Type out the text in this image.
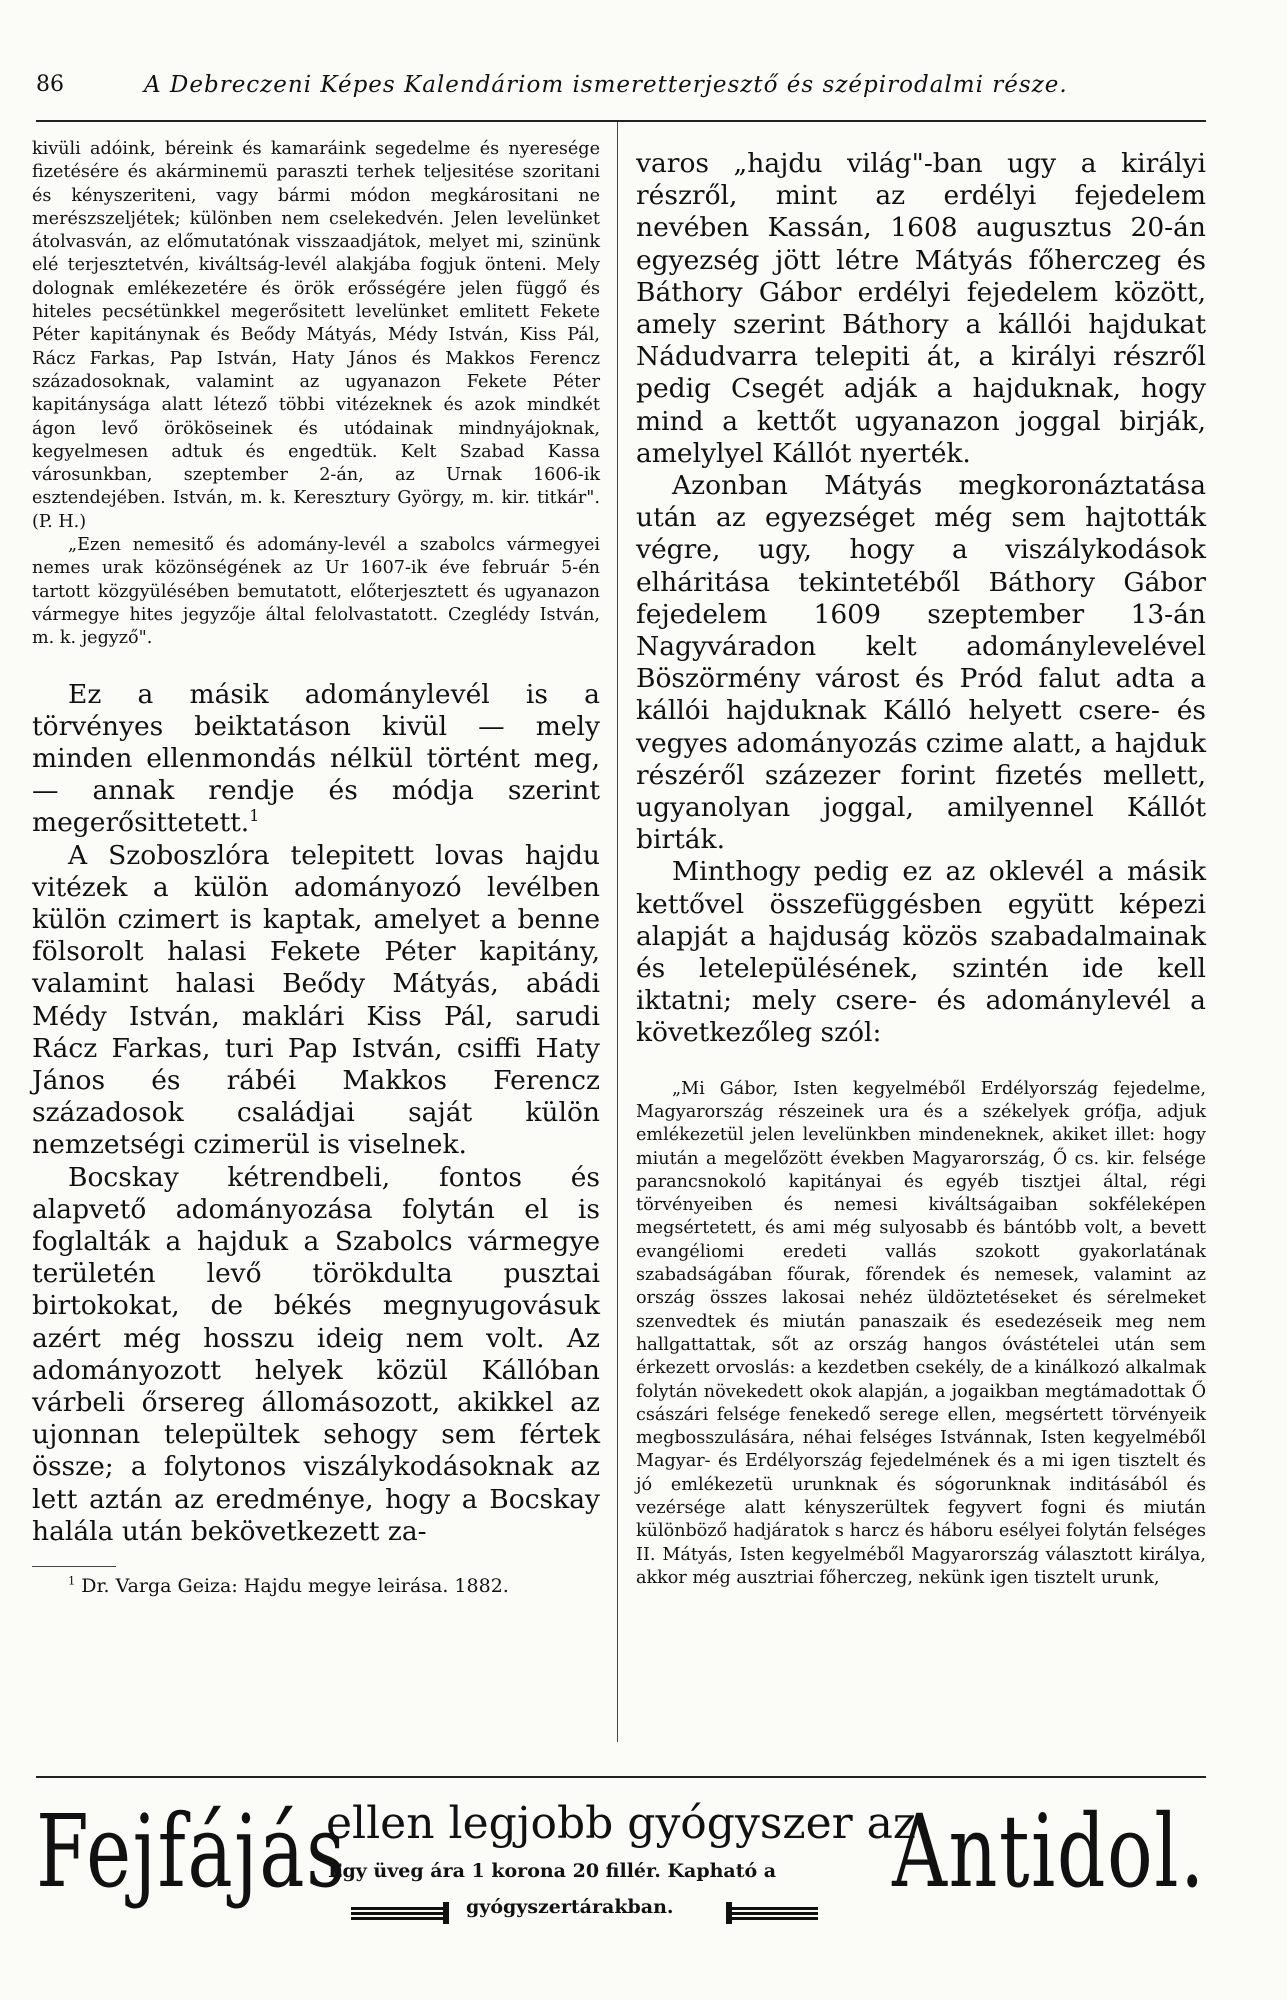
86	A Debreczeni Képes Kalendáriom ismeretterjesztő és szépirodalmi része.

kivüli adóink, béreink és kamaráink segedelme és nyeresége fizetésére és akárminemü paraszti terhek teljesitése szoritani és kényszeriteni, vagy bármi módon megkárositani ne merészszeljétek; különben nem cselekedvén. Jelen levelünket átolvasván, az előmutatónak visszaadjátok, melyet mi, szinünk elé terjesztetvén, kiváltság-levél alakjába fogjuk önteni. Mely dolognak emlékezetére és örök erősségére jelen függő és hiteles pecsétünkkel megerősitett levelünket emlitett Fekete Péter kapitánynak és Beődy Mátyás, Médy István, Kiss Pál, Rácz Farkas, Pap István, Haty János és Makkos Ferencz századosoknak, valamint az ugyanazon Fekete Péter kapitánysága alatt létező többi vitézeknek és azok mindkét ágon levő örököseinek és utódainak mindnyájoknak, kegyelmesen adtuk és engedtük. Kelt Szabad Kassa városunkban, szeptember 2-án, az Urnak 1606-ik esztendejében. István, m. k. Keresztury György, m. kir. titkár". (P. H.)

„Ezen nemesitő és adomány-levél a szabolcs vármegyei nemes urak közönségének az Ur 1607-ik éve február 5-én tartott közgyülésében bemutatott, előterjesztett és ugyanazon vármegye hites jegyzője által felolvastatott. Czeglédy István, m. k. jegyző".

Ez a másik adománylevél is a törvényes beiktatáson kivül — mely minden ellenmondás nélkül történt meg, — annak rendje és módja szerint megerősittetett.$^1$

A Szoboszlóra telepitett lovas hajdu vitézek a külön adományozó levélben külön czimert is kaptak, amelyet a benne fölsorolt halasi Fekete Péter kapitány, valamint halasi Beődy Mátyás, abádi Médy István, maklári Kiss Pál, sarudi Rácz Farkas, turi Pap István, csiffi Haty János és rábéi Makkos Ferencz századosok családjai saját külön nemzetségi czimerül is viselnek.

Bocskay kétrendbeli, fontos és alapvető adományozása folytán el is foglalták a hajduk a Szabolcs vármegye területén levő törökdulta pusztai birtokokat, de békés megnyugovásuk azért még hosszu ideig nem volt. Az adományozott helyek közül Kállóban várbeli őrsereg állomásozott, akikkel az ujonnan települtek sehogy sem fértek össze; a folytonos viszálykodásoknak az lett aztán az eredménye, hogy a Bocskay halála után bekövetkezett za-

$^1$ Dr. Varga Geiza: Hajdu megye leirása. 1882.

varos „hajdu világ"-ban ugy a királyi részről, mint az erdélyi fejedelem nevében Kassán, 1608 augusztus 20-án egyezség jött létre Mátyás főherczeg és Báthory Gábor erdélyi fejedelem között, amely szerint Báthory a kállói hajdukat Nádudvarra telepiti át, a királyi részről pedig Csegét adják a hajduknak, hogy mind a kettőt ugyanazon joggal birják, amelylyel Kállót nyerték.

Azonban Mátyás megkoronáztatása után az egyezséget még sem hajtották végre, ugy, hogy a viszálykodások elháritása tekintetéből Báthory Gábor fejedelem 1609 szeptember 13-án Nagyváradon kelt adománylevelével Böszörmény várost és Pród falut adta a kállói hajduknak Kálló helyett csere- és vegyes adományozás czime alatt, a hajduk részéről százezer forint fizetés mellett, ugyanolyan joggal, amilyennel Kállót birták.

Minthogy pedig ez az oklevél a másik kettővel összefüggésben együtt képezi alapját a hajduság közös szabadalmainak és letelepülésének, szintén ide kell iktatni; mely csere- és adománylevél a következőleg szól:

„Mi Gábor, Isten kegyelméből Erdélyország fejedelme, Magyarország részeinek ura és a székelyek grófja, adjuk emlékezetül jelen levelünkben mindeneknek, akiket illet: hogy miután a megelőzött években Magyarország, Ő cs. kir. felsége parancsnokoló kapitányai és egyéb tisztjei által, régi törvényeiben és nemesi kiváltságaiban sokféleképen megsértetett, és ami még sulyosabb és bántóbb volt, a bevett evangéliomi eredeti vallás szokott gyakorlatának szabadságában főurak, főrendek és nemesek, valamint az ország összes lakosai nehéz üldöztetéseket és sérelmeket szenvedtek és miután panaszaik és esedezéseik meg nem hallgattattak, sőt az ország hangos óvástételei után sem érkezett orvoslás: a kezdetben csekély, de a kinálkozó alkalmak folytán növekedett okok alapján, a jogaikban megtámadottak Ő császári felsége fenekedő serege ellen, megsértett törvényeik megbosszulására, néhai felséges Istvánnak, Isten kegyelméből Magyar- és Erdélyország fejedelmének és a mi igen tisztelt és jó emlékezetü urunknak és sógorunknak inditásából és vezérsége alatt kényszerültek fegyvert fogni és miután különböző hadjáratok s harcz és háboru esélyei folytán felséges II. Mátyás, Isten kegyelméből Magyarország választott királya, akkor még ausztriai főherczeg, nekünk igen tisztelt urunk,

Fejfájás
ellen legjobb gyógyszer az
Egy üveg ára 1 korona 20 fillér. Kapható a
gyógyszertárakban. Antidol.
